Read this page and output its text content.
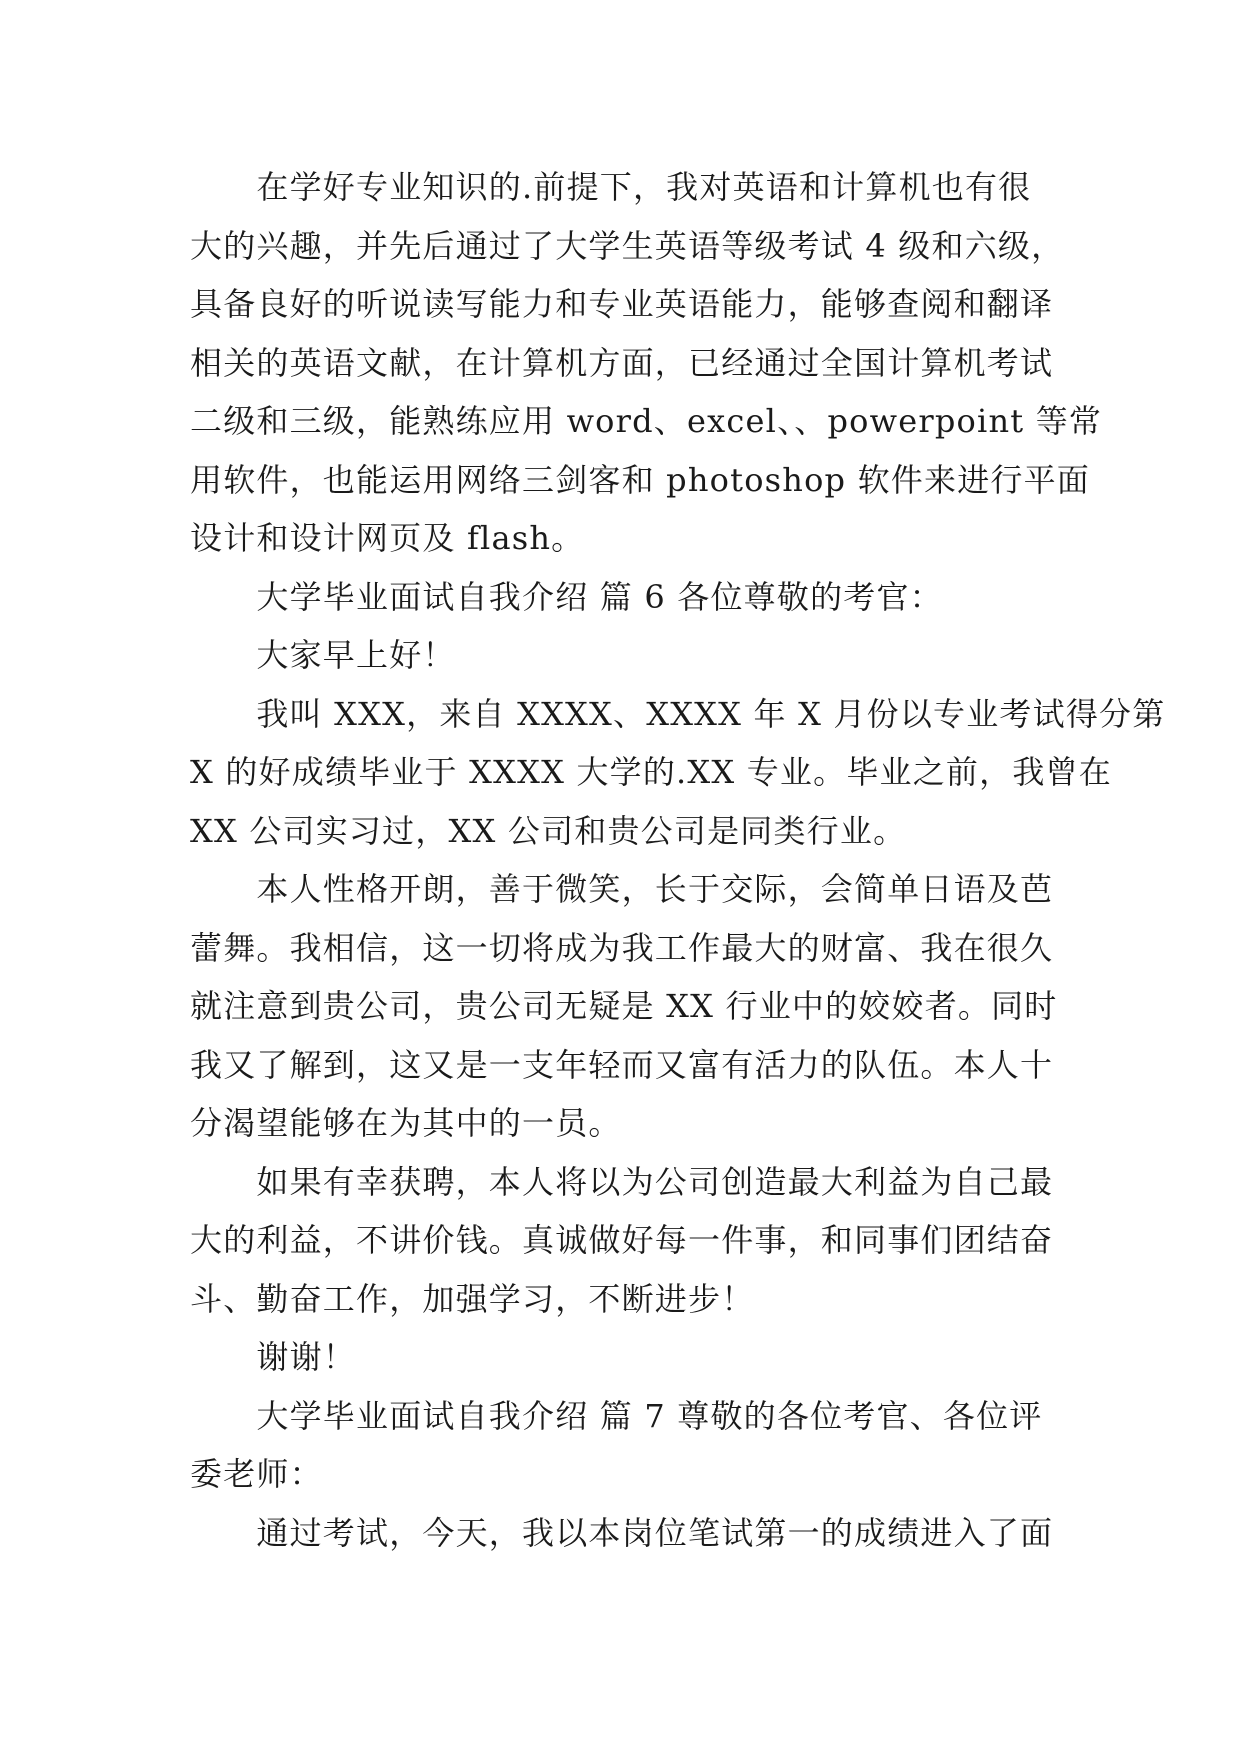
　　在学好专业知识的.前提下，我对英语和计算机也有很
大的兴趣，并先后通过了大学生英语等级考试 4 级和六级，
具备良好的听说读写能力和专业英语能力，能够查阅和翻译
相关的英语文献，在计算机方面，已经通过全国计算机考试
二级和三级，能熟练应用 word、excel、、powerpoint 等常
用软件，也能运用网络三剑客和 photoshop 软件来进行平面
设计和设计网页及 flash。

　　大学毕业面试自我介绍 篇 6 各位尊敬的考官：

　　大家早上好！

　　我叫 XXX，来自 XXXX、XXXX 年 X 月份以专业考试得分第
X 的好成绩毕业于 XXXX 大学的.XX 专业。毕业之前，我曾在
XX 公司实习过，XX 公司和贵公司是同类行业。

　　本人性格开朗，善于微笑，长于交际，会简单日语及芭
蕾舞。我相信，这一切将成为我工作最大的财富、我在很久
就注意到贵公司，贵公司无疑是 XX 行业中的姣姣者。同时
我又了解到，这又是一支年轻而又富有活力的队伍。本人十
分渴望能够在为其中的一员。

　　如果有幸获聘，本人将以为公司创造最大利益为自己最
大的利益，不讲价钱。真诚做好每一件事，和同事们团结奋
斗、勤奋工作，加强学习，不断进步！

　　谢谢！

　　大学毕业面试自我介绍 篇 7 尊敬的各位考官、各位评
委老师：

　　通过考试，今天，我以本岗位笔试第一的成绩进入了面
